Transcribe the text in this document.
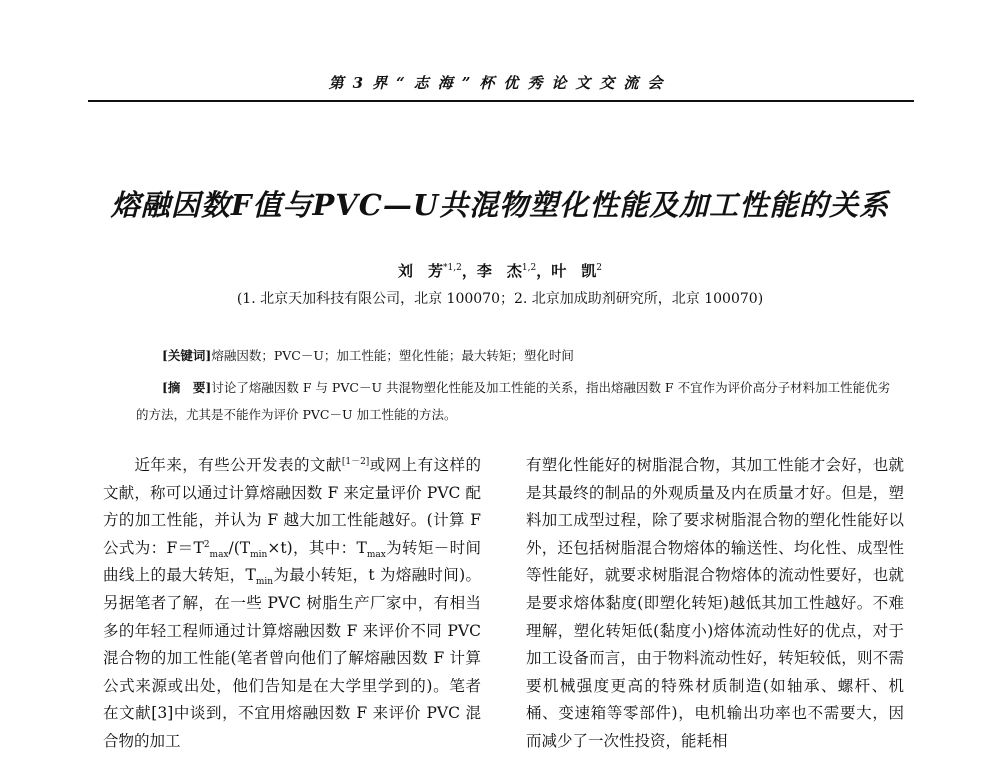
第3界“志海”杯优秀论文交流会
熔融因数F值与PVC—U共混物塑化性能及加工性能的关系
刘　芳$^{*1,2}$，李　杰$^{1,2}$，叶　凯$^2$
(1. 北京天加科技有限公司，北京 100070；2. 北京加成助剂研究所，北京 100070)
[关键词]熔融因数；PVC－U；加工性能；塑化性能；最大转矩；塑化时间
[摘　要]讨论了熔融因数 F 与 PVC－U 共混物塑化性能及加工性能的关系，指出熔融因数 F 不宜作为评价高分子材料加工性能优劣的方法，尤其是不能作为评价 PVC－U 加工性能的方法。

近年来，有些公开发表的文献[1－2]或网上有这样的文献，称可以通过计算熔融因数 F 来定量评价 PVC 配方的加工性能，并认为 F 越大加工性能越好。(计算 F 公式为：$F=T^2_{max}/(T_{min}\times t)$，其中：$T_{max}$为转矩－时间曲线上的最大转矩，$T_{min}$为最小转矩，t 为熔融时间)。另据笔者了解，在一些 PVC 树脂生产厂家中，有相当多的年轻工程师通过计算熔融因数 F 来评价不同 PVC 混合物的加工性能(笔者曾向他们了解熔融因数 F 计算公式来源或出处，他们告知是在大学里学到的)。笔者在文献[3]中谈到，不宜用熔融因数 F 来评价 PVC 混合物的加工

有塑化性能好的树脂混合物，其加工性能才会好，也就是其最终的制品的外观质量及内在质量才好。但是，塑料加工成型过程，除了要求树脂混合物的塑化性能好以外，还包括树脂混合物熔体的输送性、均化性、成型性等性能好，就要求树脂混合物熔体的流动性要好，也就是要求熔体黏度(即塑化转矩)越低其加工性越好。不难理解，塑化转矩低(黏度小)熔体流动性好的优点，对于加工设备而言，由于物料流动性好，转矩较低，则不需要机械强度更高的特殊材质制造(如轴承、螺杆、机桶、变速箱等零部件)，电机输出功率也不需要大，因而减少了一次性投资，能耗相
